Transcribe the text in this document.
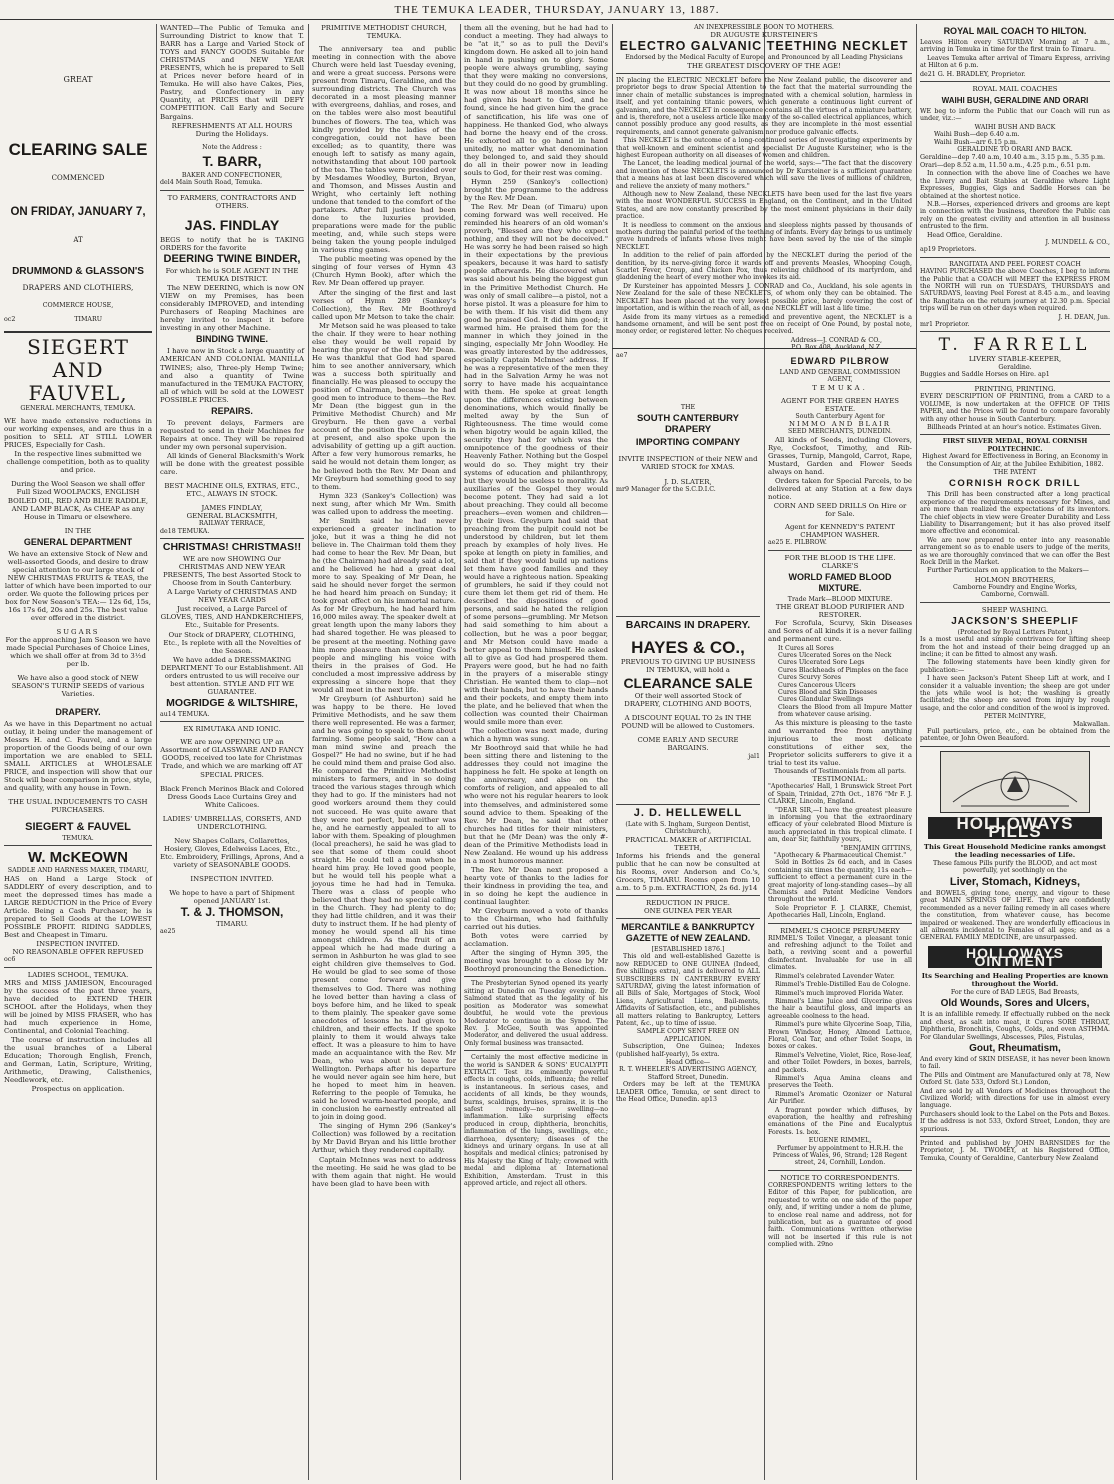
THE TEMUKA LEADER, THURSDAY, JANUARY 13, 1887.
GREAT
CLEARING SALE
COMMENCED
ON FRIDAY, JANUARY 7,
AT
DRUMMOND & GLASSON'S
DRAPERS AND CLOTHIERS,
COMMERCE HOUSE,
oc2	TIMARU
SIEGERT AND
FAUVEL,
GENERAL MERCHANTS, TEMUKA.
WE have made extensive reductions in our working expenses, and are thus in a position to SELL AT STILL LOWER PRICES, Especially for Cash.
In the respective lines submitted we challenge competition, both as to quality and price.
During the Wool Season we shall offer Full Sized WOOLPACKS, ENGLISH BOILED OIL, RED AND BLUE RADDLE, AND LAMP BLACK, As CHEAP as any House in Timaru or elsewhere.
IN THE
GENERAL DEPARTMENT
We have an extensive Stock of New and well-assorted Goods, and desire to draw special attention to our large stock of NEW CHRISTMAS FRUITS & TEAS, the latter of which have been imported to our order. We quote the following prices per box for New Season's TEA:— 12s 6d, 15s, 16s 17s 6d, 20s and 25s. The best value ever offered in the district.
SUGARS
For the approaching Jam Season we have made Special Purchases of Choice Lines, which we shall offer at from 3d to 3½d per lb.
We have also a good stock of NEW SEASON'S TURNIP SEEDS of various Varieties.
DRAPERY.
As we have in this Department no actual outlay, it being under the management of Messrs H. and C. Fauvel, and a large proportion of the Goods being of our own importation we are enabled to SELL SMALL ARTICLES at WHOLESALE PRICE, and inspection will show that our Stock will bear comparison in price, style, and quality, with any house in Town.
THE USUAL INDUCEMENTS TO CASH PURCHASERS.
SIEGERT & FAUVEL
TEMUKA.
W. McKEOWN
SADDLE AND HARNESS MAKER, TIMARU,
HAS on Hand a Large Stock of SADDLERY of every description, and to meet the depressed times has made a LARGE REDUCTION in the Price of Every Article. Being a Cash Purchaser, he is prepared to Sell Goods at the LOWEST POSSIBLE PROFIT. RIDING SADDLES, Best and Cheapest in Timaru.
INSPECTION INVITED.
NO REASONABLE OFFER REFUSED
oc6
LADIES SCHOOL, TEMUKA.
MRS and MISS JAMIESON, Encouraged by the success of the past three years, have decided to EXTEND THEIR SCHOOL after the Holidays, when they will be joined by MISS FRASER, who has had much experience in Home, Continental, and Colonial Teaching.
The course of instruction includes all the usual branches of a Liberal Education; Thorough English, French, and German, Latin, Scripture, Writing, Arithmetic, Drawing, Calisthenics, Needlework, etc.
Prospectus on application.
WANTED—The Public of Temuka and Surrounding District to know that T. BARR has a Large and Varied Stock of TOYS and FANCY GOODS Suitable for CHRISTMAS and NEW YEAR PRESENTS, which he is prepared to Sell at Prices never before heard of in Temuka. He will also have Cakes, Pies, Pastry, and Confectionery in any Quantity, at PRICES that will DEFY COMPETITION. Call Early and Secure Bargains.
REFRESHMENTS AT ALL HOURS During the Holidays.
Note the Address :
T. BARR,
BAKER AND CONFECTIONER,
del4 Main South Road, Temuka.
TO FARMERS, CONTRACTORS AND OTHERS.
JAS. FINDLAY
BEGS to notify that he is TAKING ORDERS for the favorite
DEERING TWINE BINDER,
For which he is SOLE AGENT IN THE TEMUKA DISTRICT.
The NEW DEERING, which is now ON VIEW on my Premises, has been considerably IMPROVED, and intending Purchasers of Reaping Machines are hereby invited to inspect it before investing in any other Machine.
BINDING TWINE.
I have now in Stock a large quantity of AMERICAN AND COLONIAL MANILLA TWINES; also, Three-ply Hemp Twine; and also a quantity of Twine manufactured in the TEMUKA FACTORY, all of which will be sold at the LOWEST POSSIBLE PRICES.
REPAIRS.
To prevent delays, Farmers are requested to send in their Machines for Repairs at once. They will be repaired under my own personal supervision.
All kinds of General Blacksmith's Work will be done with the greatest possible care.
BEST MACHINE OILS, EXTRAS, ETC., ETC., ALWAYS IN STOCK.
JAMES FINDLAY,
GENERAL BLACKSMITH,
RAILWAY TERRACE,
de18 TEMUKA.
CHRISTMAS! CHRISTMAS!!
WE are now SHOWING Our CHRISTMAS AND NEW YEAR PRESENTS, The best Assorted Stock to Choose from in South Canterbury.
A Large Variety of CHRISTMAS AND NEW YEAR CARDS
Just received, a Large Parcel of GLOVES, TIES, AND HANDKERCHIEFS, Etc., Suitable for Presents.
Our Stock of DRAPERY, CLOTHING, Etc., Is replete with all the Novelties of the Season.
We have added a DRESSMAKING DEPARTMENT To our Establishment. All orders entrusted to us will receive our best attention. STYLE AND FIT WE GUARANTEE.
MOGRIDGE & WILTSHIRE,
au14 TEMUKA.
EX RIMUTAKA AND IONIC.
WE are now OPENING UP an Assortment of GLASSWARE AND FANCY GOODS, received too late for Christmas Trade, and which we are marking off AT SPECIAL PRICES.
Black French Merinos Black and Colored Dress Goods Lace Curtains Grey and White Calicoes.
LADIES' UMBRELLAS, CORSETS, AND UNDERCLOTHING.
New Shapes Collars, Collarettes, Hosiery, Gloves, Edelweiss Laces, Etc., Etc. Embroidery, Frillings, Aprons, And a variety of SEASONABLE GOODS.
INSPECTION INVITED.
We hope to have a part of Shipment opened JANUARY 1st.
T. & J. THOMSON,
TIMARU.
ae25
PRIMITIVE METHODIST CHURCH, TEMUKA.
The anniversary tea and public meeting in connection with the above Church were held last Tuesday evening, and were a great success. Persons were present from Timaru, Geraldine, and the surrounding districts. The Church was decorated in a most pleasing manner with evergreens, dahlias, and roses, and on the tables were also most beautiful bunches of flowers. The tea, which was kindly provided by the ladies of the congregation, could not have been excelled; as to quantity, there was enough left to satisfy as many again, notwithstanding that about 100 partook of the tea. The tables were presided over by Mesdames Woodley, Burton, Bryan, and Thomson, and Misses Austin and Wright, who certainly left nothing undone that tended to the comfort of the partakers. After full justice had been done to the luxuries provided, preparations were made for the public meeting, and, while such steps were being taken the young people indulged in various ring games.
The public meeting was opened by the singing of four verses of Hymn 43 (Church Hymn Book), after which the Rev. Mr Dean offered up prayer.
After the singing of the first and last verses of Hymn 289 (Sankey's Collection), the Rev. Mr Boothroyd called upon Mr Metson to take the chair.
Mr Metson said he was pleased to take the chair. If they were to hear nothing else they would be well repaid by hearing the prayer of the Rev. Mr Dean. He was thankful that God had spared him to see another anniversary, which was a success both spiritually and financially. He was pleased to occupy the position of Chairman, because he had good men to introduce to them—the Rev. Mr Dean (the biggest gun in the Primitive Methodist Church) and Mr Greyburn. He then gave a verbal account of the position the Church is in at present, and also spoke upon the advisability of getting up a gift auction. After a few very humorous remarks, he said he would not detain them longer, as he believed both the Rev. Mr Dean and Mr Greyburn had something good to say to them.
Hymn 323 (Sankey's Collection) was next sung, after which Mr Wm. Smith was called upon to address the meeting.
Mr Smith said he had never experienced a greater inclination to joke, but it was a thing he did not believe in. The Chairman told them they had come to hear the Rev. Mr Dean, but he (the Chairman) had already said a lot, and he believed he had a great deal more to say. Speaking of Mr Dean, he said he should never forget the sermon he had heard him preach on Sunday; it took great effect on his immortal nature. As for Mr Greyburn, he had heard him 16,000 miles away. The speaker dwelt at great length upon the many labors they had shared together. He was pleased to be present at the meeting. Nothing gave him more pleasure than meeting God's people and mingling his voice with theirs in the praises of God. He concluded a most impressive address by expressing a sincere hope that they would all meet in the next life.
Mr Greyburn (of Ashburton) said he was happy to be there. He loved Primitive Methodists, and he saw them there well represented. He was a farmer, and he was going to speak to them about farming. Some people said, "How can a man mind swine and preach the Gospel?" He had no swine, but if he had he could mind them and praise God also. He compared the Primitive Methodist ministers to farmers, and in so doing traced the various stages through which they had to go. If the ministers had not good workers around them they could not succeed. He was quite aware that they were not perfect, but neither was he, and he earnestly appealed to all to labor with them. Speaking of ploughmen (local preachers), he said he was glad to see that some of them could shoot straight. He could tell a man when he heard him pray. He loved good people, but he would tell his people what a joyous time he had had in Temuka. There was a class of people who believed that they had no special calling in the Church. They had plenty to do; they had little children, and it was their duty to instruct them. If he had plenty of money he would spend all his time amongst children. As the fruit of an appeal which he had made during a sermon in Ashburton he was glad to see eight children give themselves to God. He would be glad to see some of those present come forward and give themselves to God. There was nothing he loved better than having a class of boys before him, and he liked to speak to them plainly. The speaker gave some anecdotes of lessons he had given to children, and their effects. If the spoke plainly to them it would always take effect. It was a pleasure to him to have made an acquaintance with the Rev. Mr Dean, who was about to leave for Wellington. Perhaps after his departure he would never again see him here, but he hoped to meet him in heaven. Referring to the people of Temuka, he said he loved warm-hearted people, and in conclusion he earnestly entreated all to join in doing good.
The singing of Hymn 296 (Sankey's Collection) was followed by a recitation by Mr David Bryan and his little brother Arthur, which they rendered capitally.
Captain McInnes was next to address the meeting. He said he was glad to be with them again that night. He would have been glad to have been with
them all the evening, but he had had to conduct a meeting. They had always to be "at it," so as to pull the Devil's kingdom down. He asked all to join hand in hand in pushing on to glory. Some people were always grumbling, saying that they were making no conversions, but they could do no good by grumbling. It was now about 18 months since he had given his heart to God, and he found, since he had given him the grace of sanctification, his life was one of happiness. He thanked God, who always had borne the heavy end of the cross. He exhorted all to go hand in hand unitedly, no matter what denomination they belonged to, and said they should do all in their power now in leading souls to God, for their rest was coming.
Hymn 259 (Sankey's collection) brought the programme to the address by the Rev. Mr Dean.
The Rev. Mr Dean (of Timaru) upon coming forward was well received. He reminded his hearers of an old woman's proverb, "Blessed are they who expect nothing, and they will not be deceived." He was sorry he had been raised so high in their expectations by the previous speakers, because it was hard to satisfy people afterwards. He discovered what was said about his being the biggest gun in the Primitive Methodist Church. He was only of small calibre—a pistol, not a horse pistol. It was a pleasure for him to be with them. If his visit did them any good he praised God. It did him good; it warmed him. He praised them for the manner in which they joined in the singing, especially Mr John Woodley. He was greatly interested by the addresses, especially Captain McInnes' address. If he was a representative of the men they had in the Salvation Army he was not sorry to have made his acquaintance with them. He spoke at great length upon the differences existing between denominations, which would finally be melted away by the Sun of Righteousness. The time would come when bigotry would be again killed, the security they had for which was the omnipotence of the goodness of their Heavenly Father. Nothing but the Gospel would do so. They might try their systems of education and philanthropy, but they would be useless to morality. As auxiliaries of the Gospel they would become potent. They had said a lot about preaching. They could all become preachers—even women and children—by their lives. Greyburn had said that preaching from the pulpit could not be understood by children, but let them preach by examples of holy lives. He spoke at length on piety in families, and said that if they would build up nations let them have good families and they would have a righteous nation. Speaking of grumblers, he said if they could not cure them let them get rid of them. He described the dispositions of good persons, and said he hated the religion of some persons—grumbling. Mr Metson had said something to him about a collection, but he was a poor beggar, and Mr Metson could have made a better appeal to them himself. He asked all to give as God had prospered them. Prayers were good, but he had no faith in the prayers of a miserable stingy Christian. He wanted them to clap—not with their hands, but to have their hands and their pockets, and empty them into the plate, and he believed that when the collection was counted their Chairman would smile more than ever.
The collection was next made, during which a hymn was sung.
Mr Boothroyd said that while he had been sitting there and listening to the addresses they could not imagine the happiness he felt. He spoke at length on the anniversary, and also on the comforts of religion, and appealed to all who were not his regular hearers to look into themselves, and administered some sound advice to them. Speaking of the Rev. Mr Dean, he said that other churches had titles for their ministers, but that he (Mr Dean) was the only #-dean of the Primitive Methodists lead in New Zealand. He wound up his address in a most humorous manner.
The Rev. Mr Dean next proposed a hearty vote of thanks to the ladies for their kindness in providing the tea, and in so doing he kept the audience in continual laughter.
Mr Greyburn moved a vote of thanks to the Chairman, who had faithfully carried out his duties.
Both votes were carried by acclamation.
After the singing of Hymn 395, the meeting was brought to a close by Mr Boothroyd pronouncing the Benediction.
The Presbyterian Synod opened its yearly sitting at Dunedin on Tuesday evening. Dr Salmond stated that as the legality of his position as Moderator was somewhat doubtful, he would vote the previous Moderator to continue in the Synod. The Rev. J. McGee, South was appointed Moderator, and delivered the usual address. Only formal business was transacted.
Certainly the most effective medicine in the world is SANDER & SONS' EUCALYPTI EXTRACT. Test its eminently powerful effects in coughs, colds, influenza; the relief is instantaneous. In serious cases, and accidents of all kinds, be they wounds, burns, scaldings, bruises, sprains, it is the safest remedy—no swelling—no inflammation. Like surprising effects produced in croup, diphtheria, bronchitis, inflammation of the lungs, swellings, etc.; diarrhoea, dysentery; diseases of the kidneys and urinary organs. In use at all hospitals and medical clinics; patronised by His Majesty the King of Italy; crowned with medal and diploma at International Exhibition, Amsterdam. Trust in this approved article, and reject all others.
AN INEXPRESSIBLE BOON TO MOTHERS.
DR AUGUSTE KURSTEINER'S
ELECTRO GALVANIC TEETHING NECKLET
Endorsed by the Medical Faculty of Europe, and Pronounced by all Leading Physicians
THE GREATEST DISCOVERY OF THE AGE!
IN placing the ELECTRIC NECKLET before the New Zealand public, the discoverer and proprietor begs to draw Special Attention to the fact that the material surrounding the inner chain of metallic substances is impregnated with a chemical solution, harmless in itself, and yet containing titanic powers, which generate a continuous light current of galvanism, and the NECKLET in consequence contains all the virtues of a miniature battery, and is, therefore, not a useless article like many of the so-called electrical appliances, which cannot possibly produce any good results, as they are incomplete in the most essential requirements, and cannot generate galvanism nor produce galvanic effects.
This NECKLET is the outcome of a long-continued series of investigating experiments by that well-known and eminent scientist and specialist Dr Auguste Kursteiner, who is the highest European authority on all diseases of women and children.
The Lancet, the leading medical journal of the world, says:—"The fact that the discovery and invention of these NECKLETS is announced by Dr Kursteiner is a sufficient guarantee that a means has at last been discovered which will save the lives of millions of children, and relieve the anxiety of many mothers."
Although new to New Zealand, these NECKLETS have been used for the last five years with the most WONDERFUL SUCCESS in England, on the Continent, and in the United States, and are now constantly prescribed by the most eminent physicians in their daily practice.
It is needless to comment on the anxious and sleepless nights passed by thousands of mothers during the painful period of the teething of infants. Every day brings to us untimely grave hundreds of infants whose lives might have been saved by the use of the simple NECKLET.
In addition to the relief of pain afforded by the NECKLET during the period of the dentition, by its nerve-giving force it wards off and prevents Measles, Whooping Cough, Scarlet Fever, Croup, and Chicken Pox, thus relieving childhood of its martyrdom, and gladdening the heart of every mother who invokes its aid.
Dr Kursteiner has appointed Messrs J. CONRAD and Co., Auckland, his sole agents in New Zealand for the sale of these NECKLETS, of whom only they can be obtained. The NECKLET has been placed at the very lowest possible price, barely covering the cost of importation, and is within the reach of all, as one NECKLET will last a life time.
Aside from its many virtues as a remedied and preventive agent, the NECKLET is a handsome ornament, and will be sent post free on receipt of One Pound, by postal note, money order, or registered letter. No cheques received.
Address—J. CONRAD & CO.,
P.O. Box 408, Auckland, N.Z.
ae7
THE
SOUTH CANTERBURY DRAPERY
IMPORTING COMPANY
INVITE INSPECTION of their NEW and VARIED STOCK for XMAS.
J. D. SLATER,
mr9 Manager for the S.C.D.I.C.
BARCAINS IN DRAPERY.
HAYES & CO.,
PREVIOUS TO GIVING UP BUSINESS IN TEMUKA, will hold a
CLEARANCE SALE
Of their well assorted Stock of DRAPERY, CLOTHING AND BOOTS,
A DISCOUNT EQUAL TO 2s IN THE POUND will be allowed to Customers.
COME EARLY AND SECURE BARGAINS.
jal1
J. D. HELLEWELL
(Late with S. Ingham, Surgeon Dentist, Christchurch),
PRACTICAL MAKER of ARTIFICIAL TEETH,
Informs his friends and the general public that he can now be consulted at his Rooms, over Anderson and Co.'s, Grocers, TIMARU. Rooms open from 10 a.m. to 5 p.m. EXTRACTION, 2s 6d. jy14
REDUCTION IN PRICE.
ONE GUINEA PER YEAR
MERCANTILE & BANKRUPTCY GAZETTE of NEW ZEALAND.
[ESTABLISHED 1876.]
This old and well-established Gazette is now REDUCED to ONE GUINEA (Indeed, five shillings extra), and is delivered to ALL SUBSCRIBERS IN CANTERBURY EVERY SATURDAY, giving the latest information of all Bills of Sale, Mortgages of Stock, Wool Liens, Agricultural Liens, Bail-ments, Affidavits of Satisfaction, etc., and publishes all matters relating to Bankruptcy, Letters Patent, &c., up to time of issue.
SAMPLE COPY SENT FREE ON APPLICATION.
Subscription, One Guinea; Indexes (published half-yearly), 5s extra.
Head Office—
R. T. WHEELER'S ADVERTISING AGENCY,
Stafford Street, Dunedin.
Orders may be left at the TEMUKA LEADER Office, Temuka, or sent direct to the Head Office, Dunedin. ap13
EDWARD PILBROW
LAND AND GENERAL COMMISSION AGENT,
TEMUKA.
AGENT FOR THE GREEN HAYES ESTATE.
South Canterbury Agent for
NIMMO AND BLAIR
SEED MERCHANTS, DUNEDIN.
All kinds of Seeds, including Clovers, Rye, Cocksfoot, Timothy, and Rib-Grasses, Turnip, Mangold, Carrot, Rape, Mustard, Garden and Flower Seeds always on hand.
Orders taken for Special Parcels, to be delivered at any Station at a few days notice.
CORN AND SEED DRILLS On Hire or for Sale.
Agent for KENNEDY'S PATENT CHAMPION WASHER.
ae25 E. PILBROW.
FOR THE BLOOD IS THE LIFE.
CLARKE'S
WORLD FAMED BLOOD MIXTURE.
Trade Mark—BLOOD MIXTURE.
THE GREAT BLOOD PURIFIER AND RESTORER.
For Scrofula, Scurvy, Skin Diseases and Sores of all kinds it is a never failing and permanent cure.
It Cures all Sores
Cures Ulcerated Sores on the Neck
Cures Ulcerated Sore Legs
Cures Blackheads of Pimples on the face
Cures Scurvy Sores
Cures Cancerous Ulcers
Cures Blood and Skin Diseases
Cures Glandular Swellings
Clears the Blood from all Impure Matter from whatever cause arising.
As this mixture is pleasing to the taste and warranted free from anything injurious to the most delicate constitutions of either sex, the Proprietor solicits sufferers to give it a trial to test its value.
Thousands of Testimonials from all parts.
TESTIMONIAL:
"Apothecaries' Hall, 1 Brunswick Street Port of Spain, Trinidad, 27th Oct., 1876 "Mr F. J. CLARKE, Lincoln, England.
"DEAR SIR,—I have the greatest pleasure in informing you that the extraordinary efficacy of your celebrated Blood Mixture is much appreciated in this tropical climate. I am, dear Sir, faithfully yours,
"BENJAMIN GITTINS,
"Apothecary & Pharmaceutical Chemist."
Sold in Bottles 2s 6d each, and in Cases containing six times the quantity, 11s each—sufficient to effect a permanent cure in the great majority of long-standing cases—by all Chemists and Patent Medicine Vendors throughout the world.
Sole Proprietor F. J. CLARKE, Chemist, Apothecaries Hall, Lincoln, England.
RIMMEL'S CHOICE PERFUMERY
RIMMEL'S Toilet Vinegar, a pleasant tonic and refreshing adjunct to the Toilet and bath, a reviving scent and a powerful disinfectant. Invaluable for use in all climates.
Rimmel's celebrated Lavender Water.
Rimmel's Treble-Distilled Eau de Cologne.
Rimmel's much improved Florida Water.
Rimmel's Lime Juice and Glycerine gives the hair a beautiful gloss, and imparts an agreeable coolness to the head.
Rimmel's pure white Glycerine Soap, Tilia, Brown Windsor, Honey, Almond Lettuce, Floral, Coal Tar, and other Toilet Soaps, in boxes or cakes.
Rimmel's Velvetine, Violet, Rice, Rose-leaf, and other Toilet Powders, in boxes, barrels, and packets.
Rimmel's Aqua Amina cleans and preserves the Teeth.
Rimmel's Aromatic Ozonizer or Natural Air Purifier.
A fragrant powder which diffuses, by evaporation, the healthy and refreshing emanations of the Pine and Eucalyptus Forests. 1s. box.
EUGENE RIMMEL,
Perfumer by appointment to H.R.H. the Princess of Wales, 96, Strand; 128 Regent street, 24, Cornhill, London.
NOTICE TO CORRESPONDENTS.
CORRESPONDENTS writing letters to the Editor of this Paper, for publication, are requested to write on one side of the paper only, and, if writing under a nom de plume, to enclose real name and address, not for publication, but as a guarantee of good faith. Communications written otherwise will not be inserted if this rule is not complied with. 29no
ROYAL MAIL COACH TO HILTON.
Leaves Hilton every SATURDAY Morning at 7 a.m., arriving in Temuka in time for the first train to Timaru.
Leaves Temuka after arrival of Timaru Express, arriving at Hilton at 6 p.m.
de21 G. H. BRADLEY, Proprietor.
ROYAL MAIL COACHES
WAIHI BUSH, GERALDINE AND ORARI
WE beg to inform the Public that our Coach will run as under, viz.:—
WAIHI BUSH AND BACK
Waihi Bush—dep 6.40 a.m.
Waihi Bush—arr 6.15 p.m.
GERALDINE TO ORARI AND BACK.
Geraldine—dep 7.40 a.m, 10.40 a.m., 3.15 p.m., 5.35 p.m.
Orari—dep 8.52 a.m, 11.50 a.m., 4.25 p.m., 6.51 p.m.
In connection with the above line of Coaches we have the Livery and Bait Stables at Geraldine where Light Expresses, Buggies, Gigs and Saddle Horses can be obtained at the shortest notice.
N.B.—Horses, experienced drivers and grooms are kept in connection with the business, therefore the Public can rely on the greatest civility and attention in all business entrusted to the firm.
Head Office, Geraldine.
J. MUNDELL & CO.,
ap19 Proprietors.
RANGITATA AND PEEL FOREST COACH
HAVING PURCHASED the above Coaches, I beg to inform the Public that a COACH will MEET the EXPRESS FROM the NORTH will run on TUESDAYS, THURSDAYS and SATURDAYS, leaving Peel Forest at 8.45 a.m., and leaving the Rangitata on the return journey at 12.30 p.m. Special trips will be run on other days when required.
J. H. DEAN, Jun.
mr1 Proprietor.
T. FARRELL
LIVERY STABLE-KEEPER,
Geraldine.
Buggies and Saddle Horses on Hire. ap1
PRINTING, PRINTING.
EVERY DESCRIPTION OF PRINTING, from a CARD to a VOLUME, is now undertaken at the OFFICE OF THIS PAPER, and the Prices will be found to compare favorably with any other house in South Canterbury.
Billheads Printed at an hour's notice. Estimates Given.
FIRST SILVER MEDAL, ROYAL CORNISH POLYTECHNIC.
Highest Award for Effectiveness in Boring, an Economy in the Consumption of Air, at the Jubilee Exhibition, 1882.
THE PATENT
CORNISH ROCK DRILL
This Drill has been constructed after a long practical experience of the requirements necessary for Mines, and are more than realized the expectations of its inventors. The chief objects in view were Greater Durability and Less Liability to Disarrangement; but it has also proved itself more effective and economical.
We are now prepared to enter into any reasonable arrangement so as to enable users to judge of the merits, as we are thoroughly convinced that we can offer the Best Rock Drill in the Market.
Further Particulars on application to the Makers—
HOLMON BROTHERS,
Camborne Foundry and Engine Works,
Camborne, Cornwall.
SHEEP WASHING.
JACKSON'S SHEEPLIF
(Protected by Royal Letters Patent,)
Is a most useful and simple contrivance for lifting sheep from the hot and instead of their being dragged up an incline; it can be fitted to almost any wash.
The following statements have been kindly given for publication:—
I have seen Jackson's Patent Sheep Lift at work, and I consider it a valuable invention; the sheep are got under the jets while wool is hot; the washing is greatly facilitated; the sheep are saved from injury by rough usage, and the color and condition of the wool is improved.
PETER McINTYRE,
Makwallan.
Full particulars, price, etc., can be obtained from the patentee, or John Owen Beauford.
HOLLOWAYS PILLS
This Great Household Medicine ranks amongst the leading necessaries of Life.
These famous Pills purify the BLOOD, and act most powerfully, yet soothingly on the
Liver, Stomach, Kidneys,
and BOWELS, giving tone, energy, and vigour to these great MAIN SPRINGS OF LIFE. They are confidently recommended as a never failing remedy in all cases where the constitution, from whatever cause, has become impaired or weakened. They are wonderfully efficacious in all ailments incidental to Females of all ages; and as a GENERAL FAMILY MEDICINE, are unsurpassed.
HOLLOWAYS OINTMENT
Its Searching and Healing Properties are known throughout the World.
For the cure of BAD LEGS, Bad Breasts,
Old Wounds, Sores and Ulcers,
It is an infallible remedy. If effectually rubbed on the neck and chest, as salt into meat, it Cures SORE THROAT, Diphtheria, Bronchitis, Coughs, Colds, and even ASTHMA. For Glandular Swellings, Abscesses, Piles, Fistulas,
Gout, Rheumatism,
And every kind of SKIN DISEASE, it has never been known to fail.
The Pills and Ointment are Manufactured only at 78, New Oxford St. (late 533, Oxford St.) London,
And are sold by all Vendors of Medicines throughout the Civilized World; with directions for use in almost every language.
Purchasers should look to the Label on the Pots and Boxes. If the address is not 533, Oxford Street, London, they are spurious.
Printed and published by JOHN BARNSIDES for the Proprietor, J. M. TWOMEY, at his Registered Office, Temuka, County of Geraldine, Canterbury New Zealand
